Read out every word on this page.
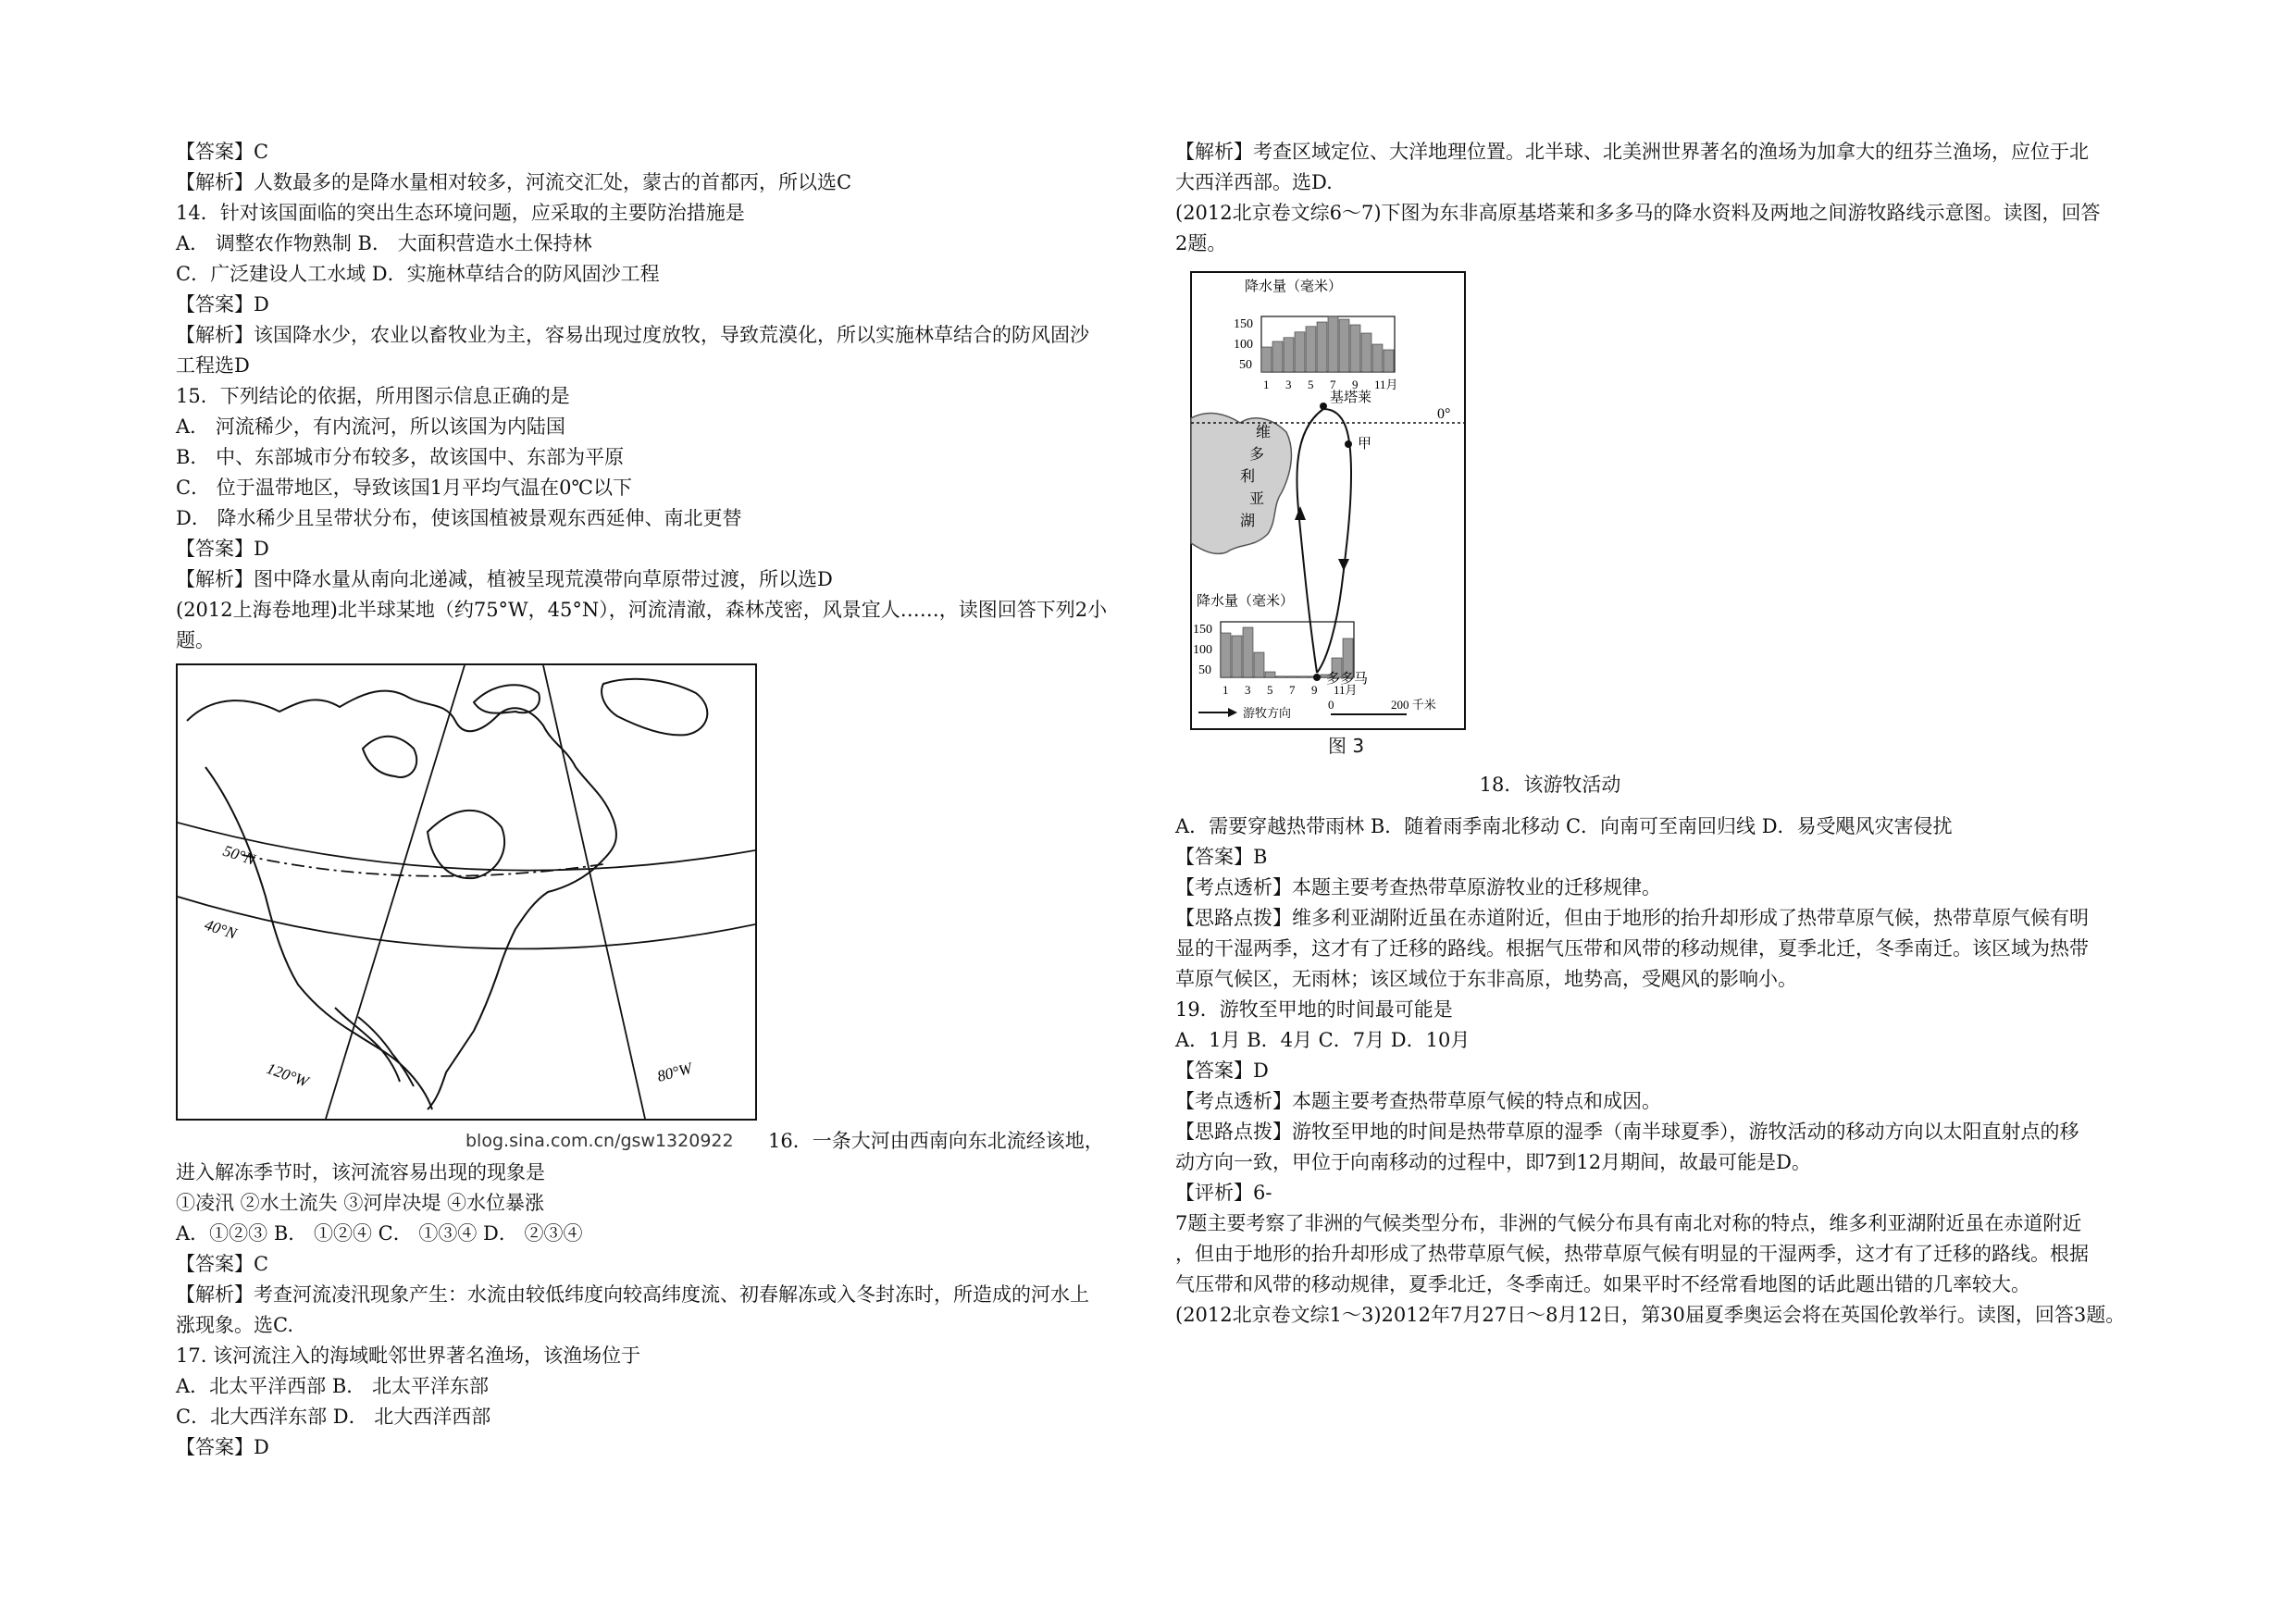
【答案】C
【解析】人数最多的是降水量相对较多，河流交汇处，蒙古的首都丙，所以选C
14．针对该国面临的突出生态环境问题，应采取的主要防治措施是
A． 调整农作物熟制 B． 大面积营造水土保持林
C．广泛建设人工水域 D．实施林草结合的防风固沙工程
【答案】D
【解析】该国降水少，农业以畜牧业为主，容易出现过度放牧，导致荒漠化，所以实施林草结合的防风固沙
工程选D
15．下列结论的依据，所用图示信息正确的是
A． 河流稀少，有内流河，所以该国为内陆国
B． 中、东部城市分布较多，故该国中、东部为平原
C． 位于温带地区，导致该国1月平均气温在0℃以下
D． 降水稀少且呈带状分布，使该国植被景观东西延伸、南北更替
【答案】D
【解析】图中降水量从南向北递减，植被呈现荒漠带向草原带过渡，所以选D
(2012上海卷地理)北半球某地（约75°W，45°N），河流清澈，森林茂密，风景宜人……，读图回答下列2小
题。
50°N
40°N
120°W	80°W
blog.sina.com.cn/gsw1320922 16．一条大河由西南向东北流经该地，
进入解冻季节时，该河流容易出现的现象是
①凌汛 ②水土流失 ③河岸决堤 ④水位暴涨
A．①②③ B． ①②④ C． ①③④ D． ②③④
【答案】C
【解析】考查河流凌汛现象产生：水流由较低纬度向较高纬度流、初春解冻或入冬封冻时，所造成的河水上
涨现象。选C.
17. 该河流注入的海域毗邻世界著名渔场，该渔场位于
A．北太平洋西部 B． 北太平洋东部
C．北大西洋东部 D． 北大西洋西部
【答案】D
【解析】考查区域定位、大洋地理位置。北半球、北美洲世界著名的渔场为加拿大的纽芬兰渔场，应位于北
大西洋西部。选D.
(2012北京卷文综6～7)下图为东非高原基塔莱和多多马的降水资料及两地之间游牧路线示意图。读图，回答
2题。
0°
降水量（毫米）
150
100
50
1 3 5 7 9 11月
基塔莱
维
多
利
亚
湖
甲
降水量（毫米）
150
100
50
1 3 5 7 9 11月
多多马
游牧方向
0	200 千米
图 3
18．该游牧活动
A．需要穿越热带雨林 B．随着雨季南北移动 C．向南可至南回归线 D．易受飓风灾害侵扰
【答案】B
【考点透析】本题主要考查热带草原游牧业的迁移规律。
【思路点拨】维多利亚湖附近虽在赤道附近，但由于地形的抬升却形成了热带草原气候，热带草原气候有明
显的干湿两季，这才有了迁移的路线。根据气压带和风带的移动规律，夏季北迁，冬季南迁。该区域为热带
草原气候区，无雨林；该区域位于东非高原，地势高，受飓风的影响小。
19．游牧至甲地的时间最可能是
A．1月 B．4月 C．7月 D．10月
【答案】D
【考点透析】本题主要考查热带草原气候的特点和成因。
【思路点拨】游牧至甲地的时间是热带草原的湿季（南半球夏季），游牧活动的移动方向以太阳直射点的移
动方向一致，甲位于向南移动的过程中，即7到12月期间，故最可能是D。
【评析】6-
7题主要考察了非洲的气候类型分布，非洲的气候分布具有南北对称的特点，维多利亚湖附近虽在赤道附近
，但由于地形的抬升却形成了热带草原气候，热带草原气候有明显的干湿两季，这才有了迁移的路线。根据
气压带和风带的移动规律，夏季北迁，冬季南迁。如果平时不经常看地图的话此题出错的几率较大。
(2012北京卷文综1～3)2012年7月27日～8月12日，第30届夏季奥运会将在英国伦敦举行。读图，回答3题。
